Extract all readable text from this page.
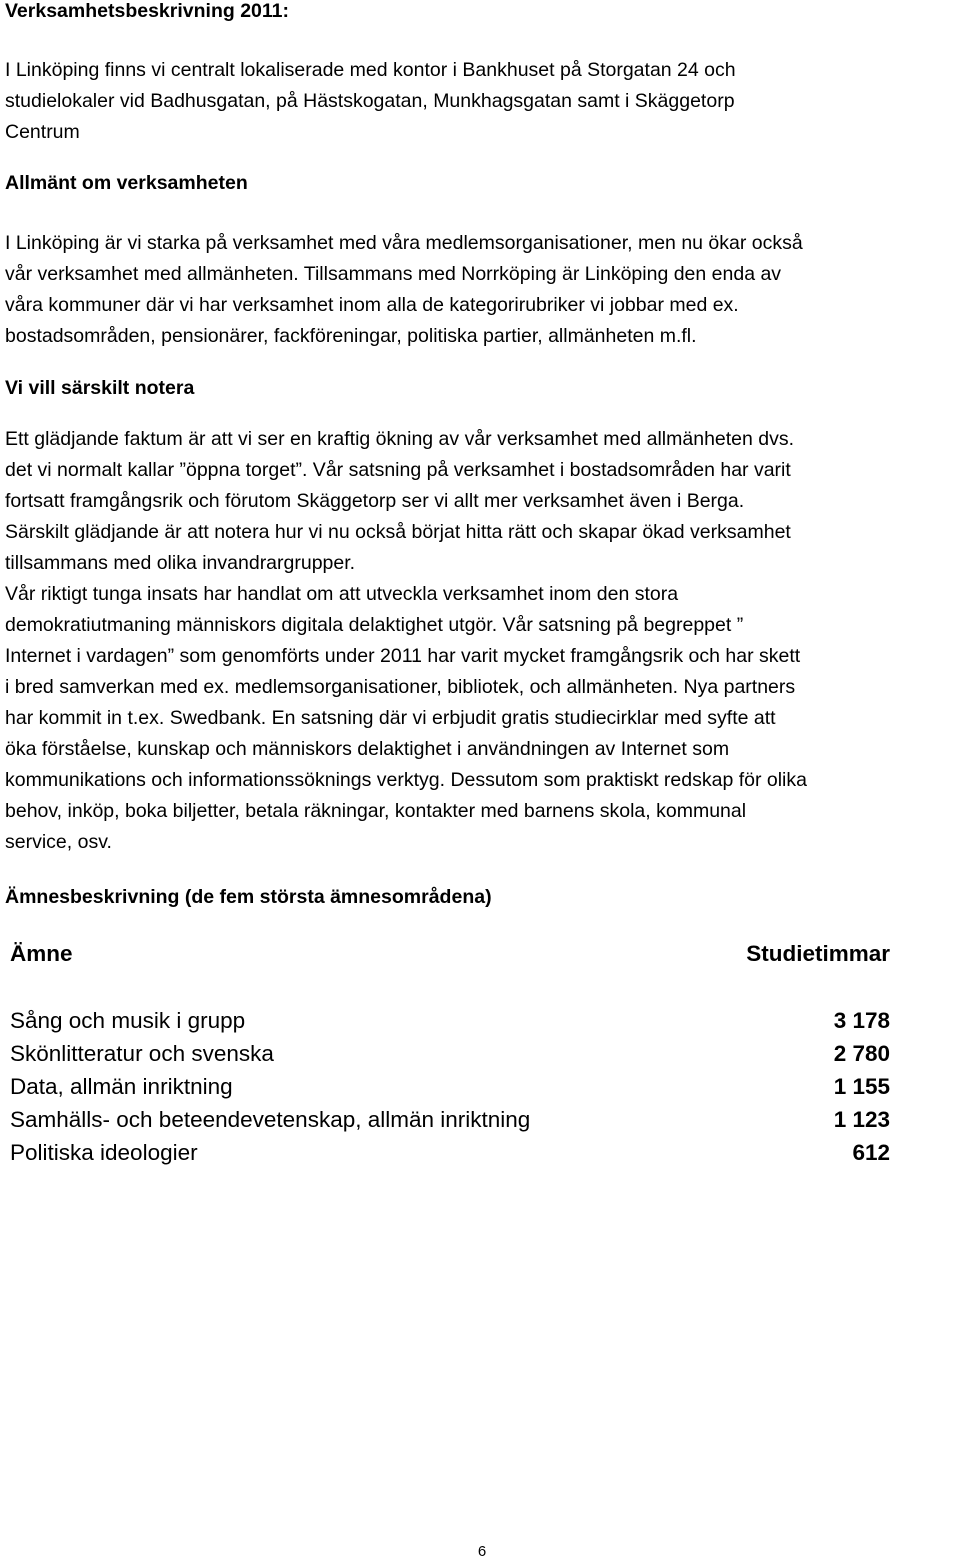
Verksamhetsbeskrivning 2011:
I Linköping finns vi centralt lokaliserade med kontor i Bankhuset på Storgatan 24 och
studielokaler vid Badhusgatan, på Hästskogatan, Munkhagsgatan samt i Skäggetorp
Centrum
Allmänt om verksamheten
I Linköping är vi starka på verksamhet med våra medlemsorganisationer, men nu ökar också
vår verksamhet med allmänheten. Tillsammans med Norrköping är Linköping den enda av
våra kommuner där vi har verksamhet inom alla de kategorirubriker vi jobbar med ex.
bostadsområden, pensionärer, fackföreningar, politiska partier, allmänheten m.fl.
Vi vill särskilt notera
Ett glädjande faktum är att vi ser en kraftig ökning av vår verksamhet med allmänheten dvs.
det vi normalt kallar ”öppna torget”. Vår satsning på verksamhet i bostadsområden har varit
fortsatt framgångsrik och förutom Skäggetorp ser vi allt mer verksamhet även i Berga.
Särskilt glädjande är att notera hur vi nu också börjat hitta rätt och skapar ökad verksamhet
tillsammans med olika invandrargrupper.
Vår riktigt tunga insats har handlat om att utveckla verksamhet inom den stora
demokratiutmaning människors digitala delaktighet utgör. Vår satsning på begreppet ”
Internet i vardagen” som genomförts under 2011 har varit mycket framgångsrik och har skett
i bred samverkan med ex. medlemsorganisationer, bibliotek, och allmänheten. Nya partners
har kommit in t.ex. Swedbank. En satsning där vi erbjudit gratis studiecirklar med syfte att
öka förståelse, kunskap och människors delaktighet i användningen av Internet som
kommunikations och informationssöknings verktyg. Dessutom som praktiskt redskap för olika
behov, inköp, boka biljetter, betala räkningar, kontakter med barnens skola, kommunal
service, osv.
Ämnesbeskrivning (de fem största ämnesområdena)
Ämne	Studietimmar
Sång och musik i grupp	3 178
Skönlitteratur och svenska	2 780
Data, allmän inriktning	1 155
Samhälls- och beteendevetenskap, allmän inriktning	1 123
Politiska ideologier	612
6
